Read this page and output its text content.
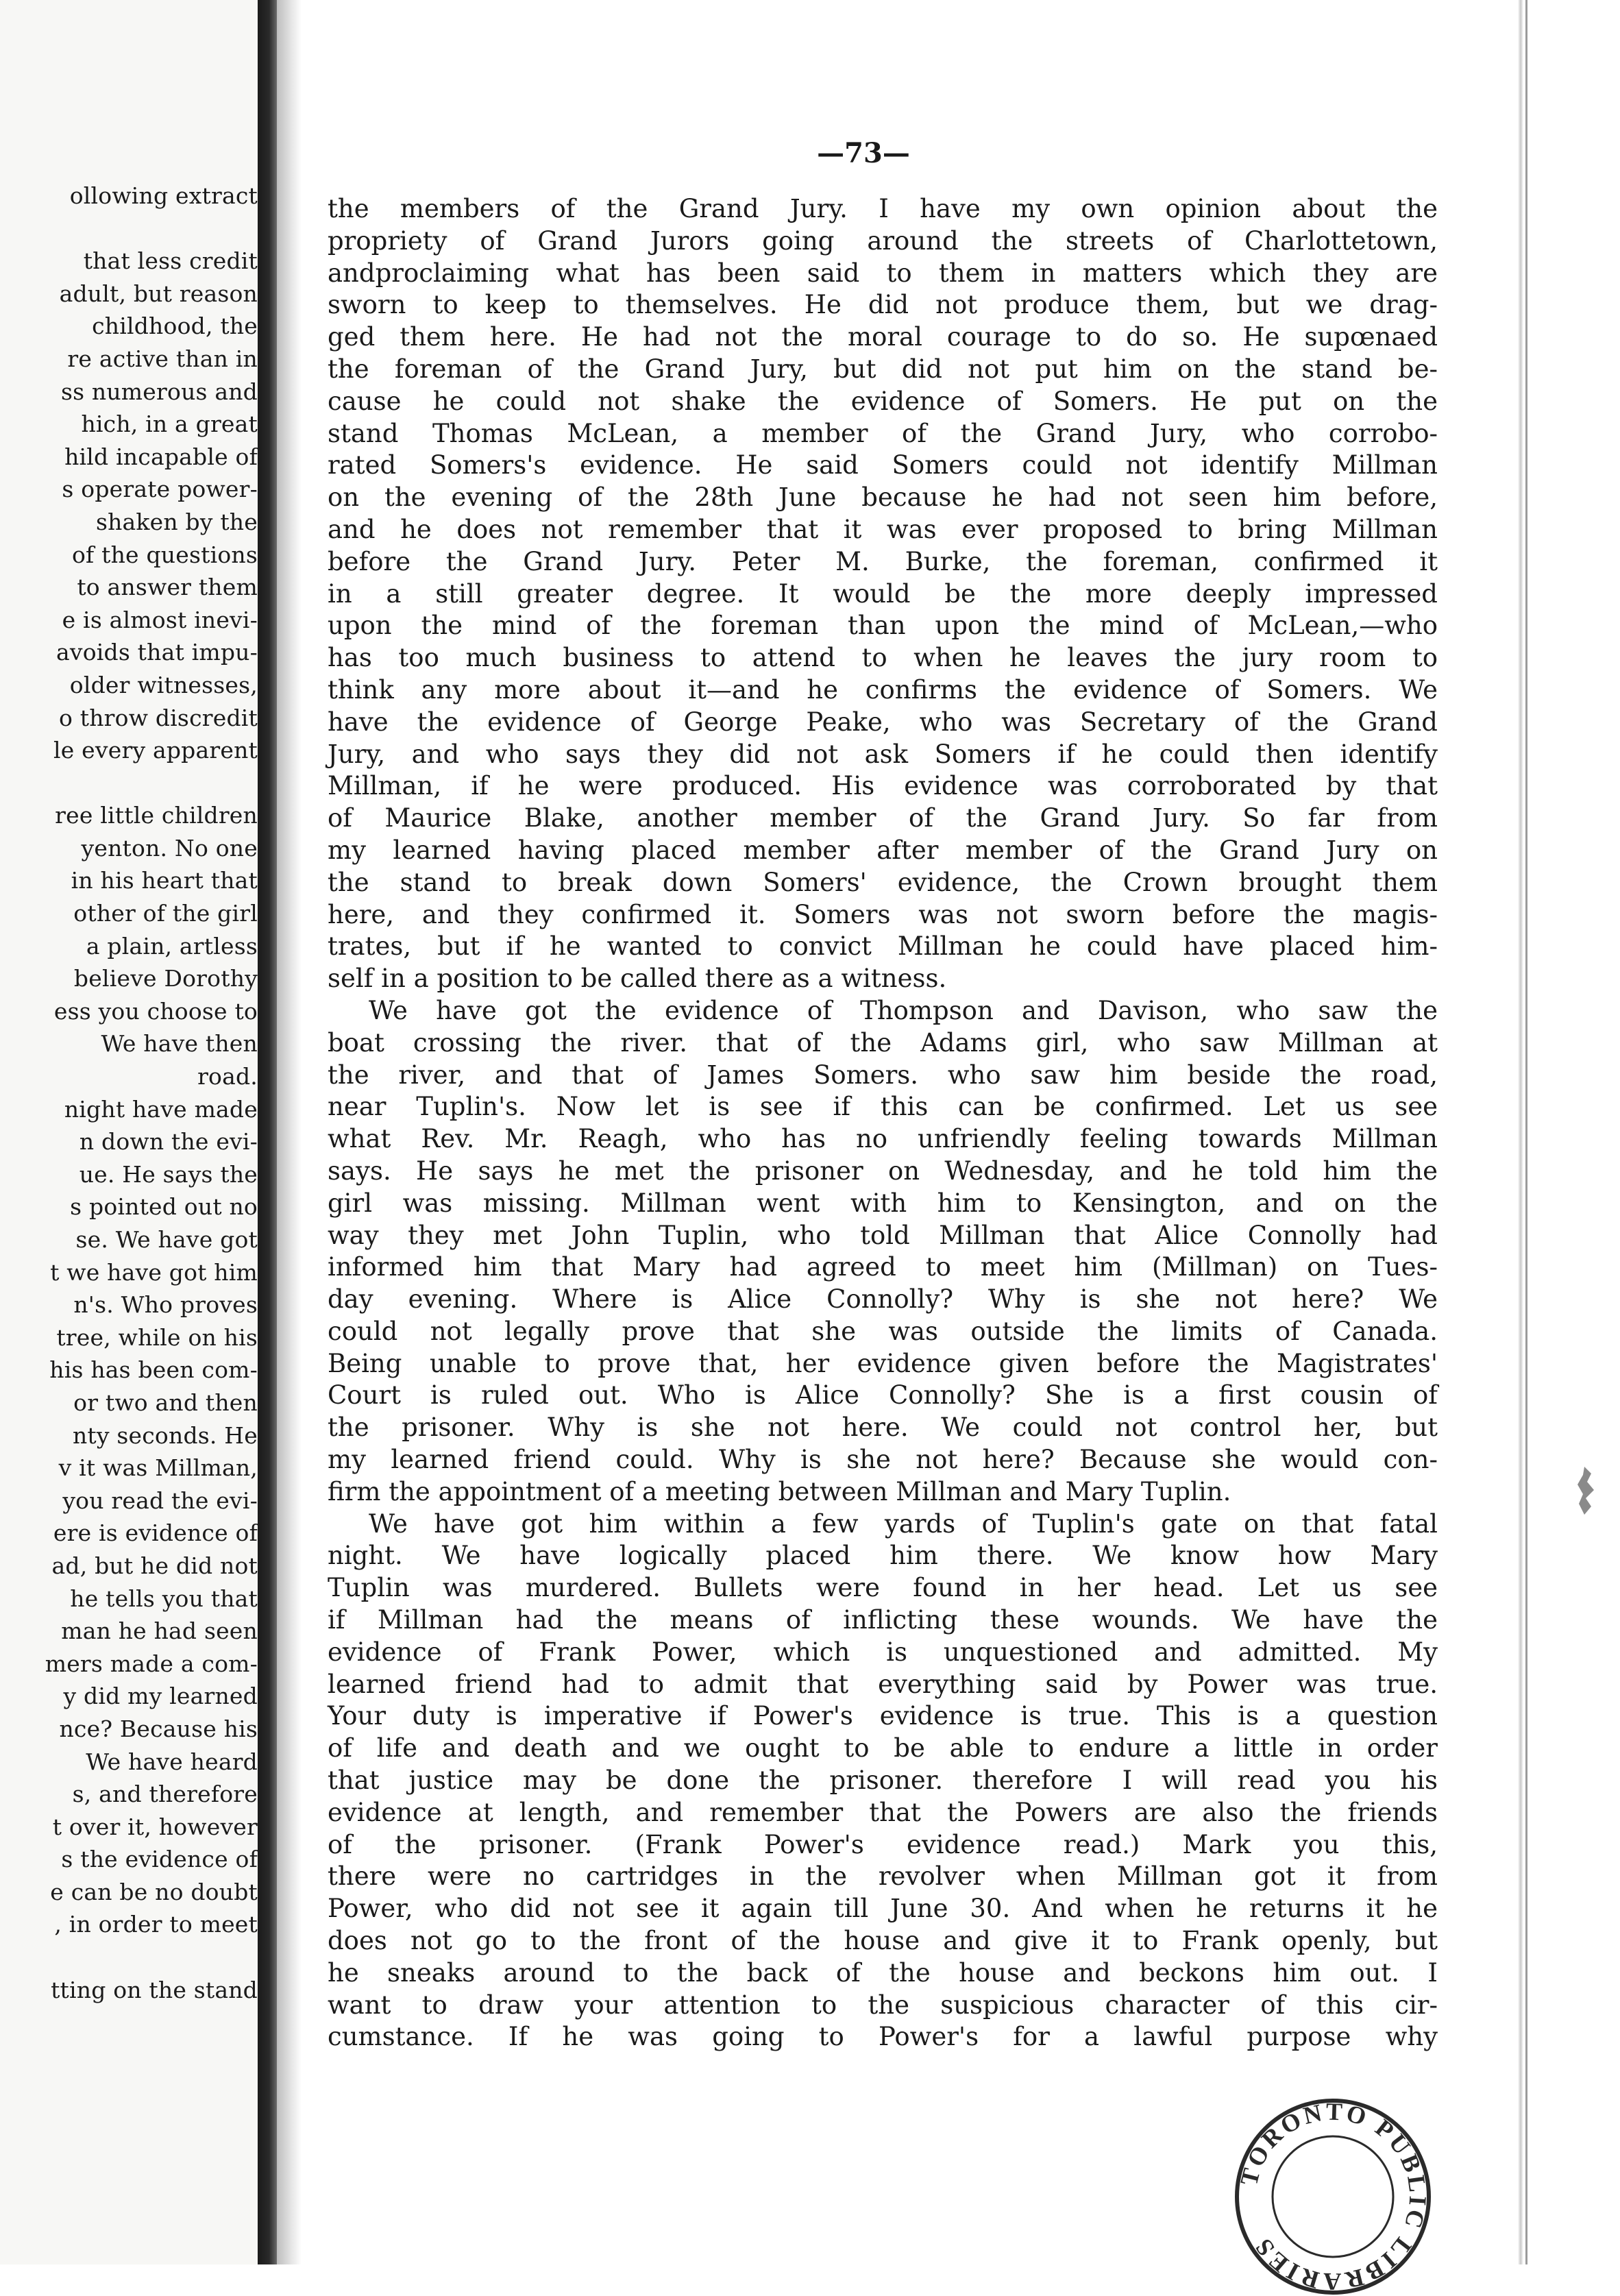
ollowing extract
that less credit
adult, but reason
childhood, the
re active than in
ss numerous and
hich, in a great
hild incapable of
s operate power-
shaken by the
of the questions
to answer them
e is almost inevi-
avoids that impu-
older witnesses,
o throw discredit
le every apparent
ree little children
yenton. No one
in his heart that
other of the girl
a plain, artless
believe Dorothy
ess you choose to
We have then
road.
night have made
n down the evi-
ue. He says the
s pointed out no
se. We have got
t we have got him
n's. Who proves
tree, while on his
his has been com-
or two and then
nty seconds. He
v it was Millman,
you read the evi-
ere is evidence of
ad, but he did not
he tells you that
man he had seen
mers made a com-
y did my learned
nce? Because his
We have heard
s, and therefore
t over it, however
s the evidence of
e can be no doubt
, in order to meet
tting on the stand
—73—
the members of the Grand Jury. I have my own opinion about the
propriety of Grand Jurors going around the streets of Charlottetown,
andproclaiming what has been said to them in matters which they are
sworn to keep to themselves. He did not produce them, but we drag-
ged them here. He had not the moral courage to do so. He supœnaed
the foreman of the Grand Jury, but did not put him on the stand be-
cause he could not shake the evidence of Somers. He put on the
stand Thomas McLean, a member of the Grand Jury, who corrobo-
rated Somers's evidence. He said Somers could not identify Millman
on the evening of the 28th June because he had not seen him before,
and he does not remember that it was ever proposed to bring Millman
before the Grand Jury. Peter M. Burke, the foreman, confirmed it
in a still greater degree. It would be the more deeply impressed
upon the mind of the foreman than upon the mind of McLean,—who
has too much business to attend to when he leaves the jury room to
think any more about it—and he confirms the evidence of Somers. We
have the evidence of George Peake, who was Secretary of the Grand
Jury, and who says they did not ask Somers if he could then identify
Millman, if he were produced. His evidence was corroborated by that
of Maurice Blake, another member of the Grand Jury. So far from
my learned having placed member after member of the Grand Jury on
the stand to break down Somers' evidence, the Crown brought them
here, and they confirmed it. Somers was not sworn before the magis-
trates, but if he wanted to convict Millman he could have placed him-
self in a position to be called there as a witness.
We have got the evidence of Thompson and Davison, who saw the
boat crossing the river. that of the Adams girl, who saw Millman at
the river, and that of James Somers. who saw him beside the road,
near Tuplin's. Now let is see if this can be confirmed. Let us see
what Rev. Mr. Reagh, who has no unfriendly feeling towards Millman
says. He says he met the prisoner on Wednesday, and he told him the
girl was missing. Millman went with him to Kensington, and on the
way they met John Tuplin, who told Millman that Alice Connolly had
informed him that Mary had agreed to meet him (Millman) on Tues-
day evening. Where is Alice Connolly? Why is she not here? We
could not legally prove that she was outside the limits of Canada.
Being unable to prove that, her evidence given before the Magistrates'
Court is ruled out. Who is Alice Connolly? She is a first cousin of
the prisoner. Why is she not here. We could not control her, but
my learned friend could. Why is she not here? Because she would con-
firm the appointment of a meeting between Millman and Mary Tuplin.
We have got him within a few yards of Tuplin's gate on that fatal
night. We have logically placed him there. We know how Mary
Tuplin was murdered. Bullets were found in her head. Let us see
if Millman had the means of inflicting these wounds. We have the
evidence of Frank Power, which is unquestioned and admitted. My
learned friend had to admit that everything said by Power was true.
Your duty is imperative if Power's evidence is true. This is a question
of life and death and we ought to be able to endure a little in order
that justice may be done the prisoner. therefore I will read you his
evidence at length, and remember that the Powers are also the friends
of the prisoner. (Frank Power's evidence read.) Mark you this,
there were no cartridges in the revolver when Millman got it from
Power, who did not see it again till June 30. And when he returns it he
does not go to the front of the house and give it to Frank openly, but
he sneaks around to the back of the house and beckons him out. I
want to draw your attention to the suspicious character of this cir-
cumstance. If he was going to Power's for a lawful purpose why
TORONTO PUBLIC LIBRARIES
